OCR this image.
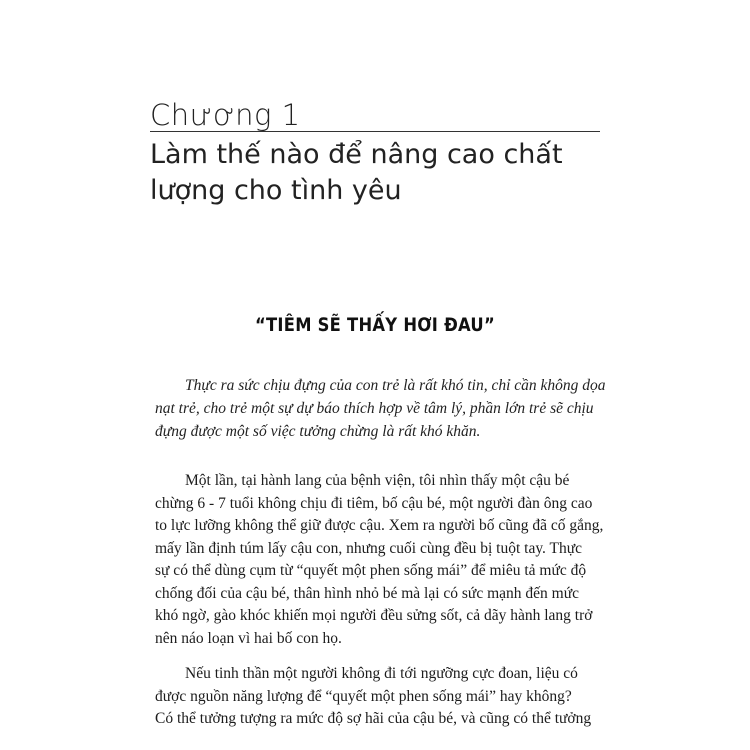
Chương 1
Làm thế nào để nâng cao chất
lượng cho tình yêu
“TIÊM SẼ THẤY HƠI ĐAU”
Thực ra sức chịu đựng của con trẻ là rất khó tin, chỉ cần không dọa
nạt trẻ, cho trẻ một sự dự báo thích hợp về tâm lý, phần lớn trẻ sẽ chịu
đựng được một số việc tưởng chừng là rất khó khăn.
Một lần, tại hành lang của bệnh viện, tôi nhìn thấy một cậu bé
chừng 6 - 7 tuổi không chịu đi tiêm, bố cậu bé, một người đàn ông cao
to lực lưỡng không thể giữ được cậu. Xem ra người bố cũng đã cố gắng,
mấy lần định túm lấy cậu con, nhưng cuối cùng đều bị tuột tay. Thực
sự có thể dùng cụm từ “quyết một phen sống mái” để miêu tả mức độ
chống đối của cậu bé, thân hình nhỏ bé mà lại có sức mạnh đến mức
khó ngờ, gào khóc khiến mọi người đều sửng sốt, cả dãy hành lang trở
nên náo loạn vì hai bố con họ.
Nếu tinh thần một người không đi tới ngưỡng cực đoan, liệu có
được nguồn năng lượng để “quyết một phen sống mái” hay không?
Có thể tưởng tượng ra mức độ sợ hãi của cậu bé, và cũng có thể tưởng
